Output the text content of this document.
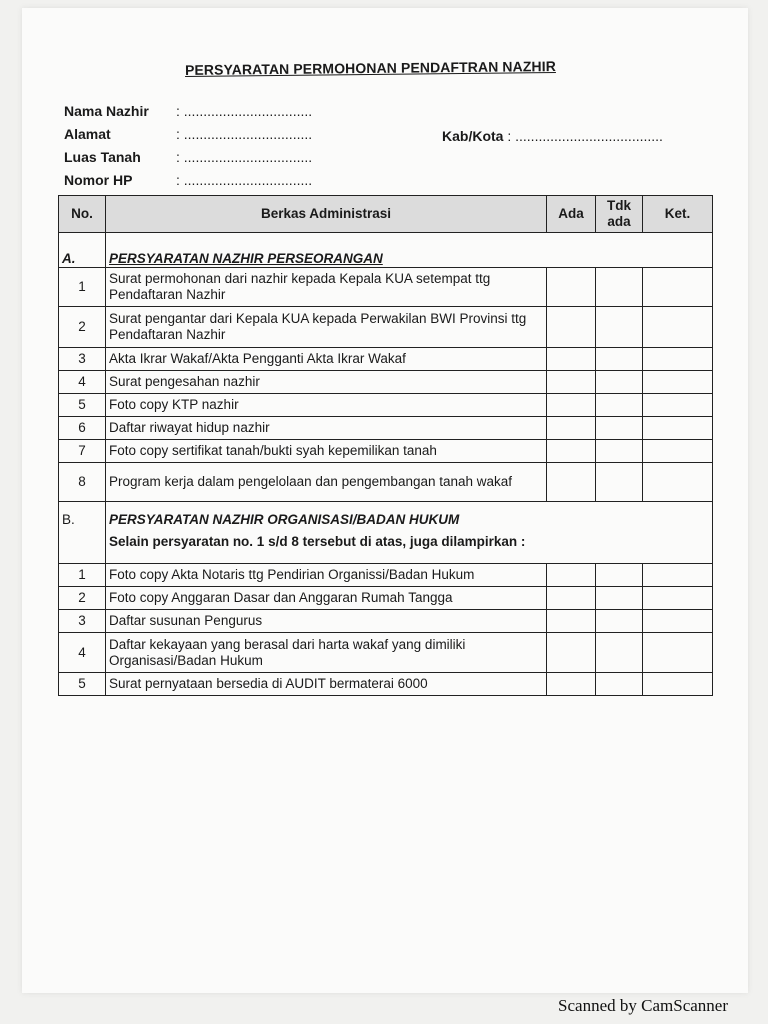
PERSYARATAN PERMOHONAN PENDAFTRAN NAZHIR
Nama Nazhir : .................................
Alamat	: .................................
Luas Tanah	: .................................
Nomor HP	: .................................
Kab/Kota : ......................................
No.	Berkas Administrasi	Ada	Tdk ada	Ket.
A.	PERSYARATAN NAZHIR PERSEORANGAN			
1	Surat permohonan dari nazhir kepada Kepala KUA setempat ttg Pendaftaran Nazhir			
2	Surat pengantar dari Kepala KUA kepada Perwakilan BWI Provinsi ttg Pendaftaran Nazhir			
3	Akta Ikrar Wakaf/Akta Pengganti Akta Ikrar Wakaf			
4	Surat pengesahan nazhir			
5	Foto copy KTP nazhir			
6	Daftar riwayat hidup nazhir			
7	Foto copy sertifikat tanah/bukti syah kepemilikan tanah			
8	Program kerja dalam pengelolaan dan pengembangan tanah wakaf			
B.	PERSYARATAN NAZHIR ORGANISASI/BADAN HUKUM
Selain persyaratan no. 1 s/d 8 tersebut di atas, juga dilampirkan :			

1	Foto copy Akta Notaris ttg Pendirian Organissi/Badan Hukum			
2	Foto copy Anggaran Dasar dan Anggaran Rumah Tangga			
3	Daftar susunan Pengurus			
4	Daftar kekayaan yang berasal dari harta wakaf yang dimiliki Organisasi/Badan Hukum			
5	Surat pernyataan bersedia di AUDIT bermaterai 6000			
Scanned by CamScanner
